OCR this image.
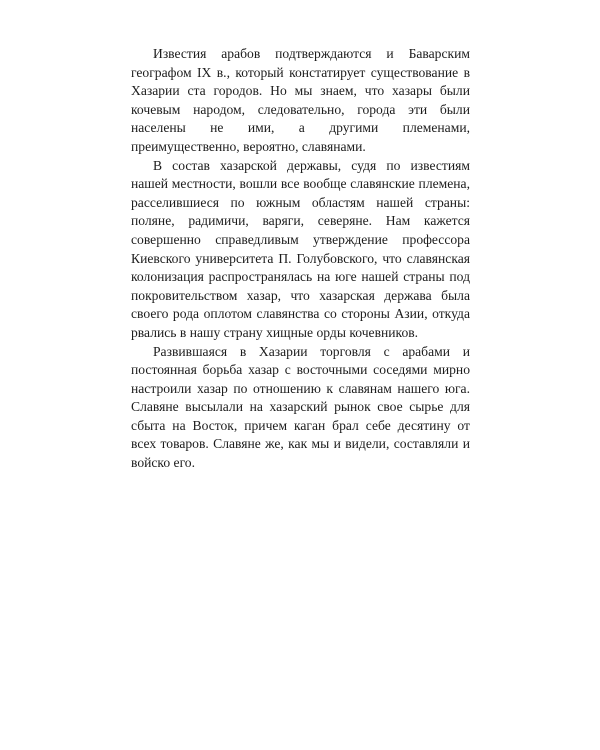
Известия арабов подтверждаются и Баварским географом IX в., который констатирует существование в Хазарии ста городов. Но мы знаем, что хазары были кочевым народом, следовательно, города эти были населены не ими, а другими племенами, преимущественно, вероятно, славянами.

В состав хазарской державы, судя по известиям нашей местности, вошли все вообще славянские племена, расселившиеся по южным областям нашей страны: поляне, радимичи, варяги, северяне. Нам кажется совершенно справедливым утверждение профессора Киевского университета П. Голубовского, что славянская колонизация распространялась на юге нашей страны под покровительством хазар, что хазарская держава была своего рода оплотом славянства со стороны Азии, откуда рвались в нашу страну хищные орды кочевников.

Развившаяся в Хазарии торговля с арабами и постоянная борьба хазар с восточными соседями мирно настроили хазар по отношению к славянам нашего юга. Славяне высылали на хазарский рынок свое сырье для сбыта на Восток, причем каган брал себе десятину от всех товаров. Славяне же, как мы и видели, составляли и войско его.
